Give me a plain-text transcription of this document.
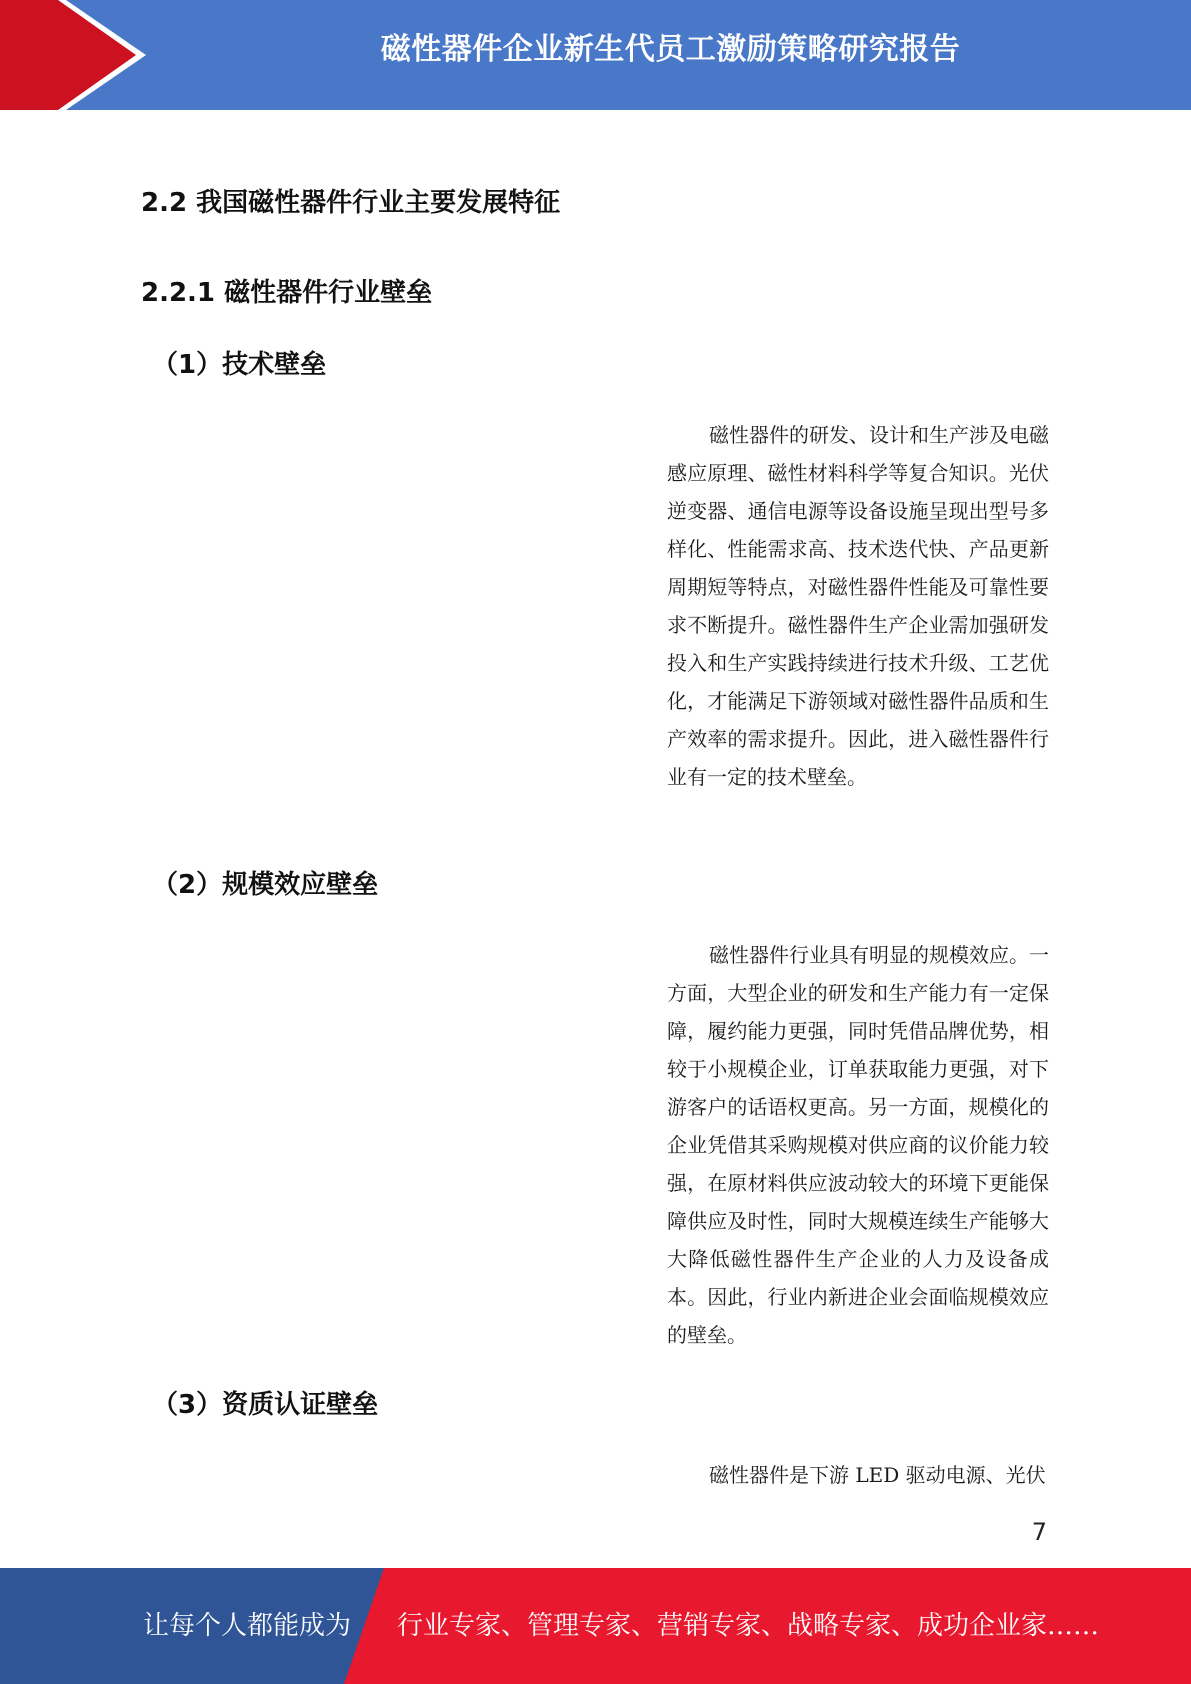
磁性器件企业新生代员工激励策略研究报告
2.2 我国磁性器件行业主要发展特征
2.2.1 磁性器件行业壁垒
（1）技术壁垒

磁性器件的研发、设计和生产涉及电磁感应原理、磁性材料科学等复合知识。光伏逆变器、通信电源等设备设施呈现出型号多样化、性能需求高、技术迭代快、产品更新周期短等特点，对磁性器件性能及可靠性要求不断提升。磁性器件生产企业需加强研发投入和生产实践持续进行技术升级、工艺优化，才能满足下游领域对磁性器件品质和生产效率的需求提升。因此，进入磁性器件行业有一定的技术壁垒。

（2）规模效应壁垒

磁性器件行业具有明显的规模效应。一方面，大型企业的研发和生产能力有一定保障，履约能力更强，同时凭借品牌优势，相较于小规模企业，订单获取能力更强，对下游客户的话语权更高。另一方面，规模化的企业凭借其采购规模对供应商的议价能力较强，在原材料供应波动较大的环境下更能保障供应及时性，同时大规模连续生产能够大大降低磁性器件生产企业的人力及设备成本。因此，行业内新进企业会面临规模效应的壁垒。

（3）资质认证壁垒

磁性器件是下游 LED 驱动电源、光伏

7
让每个人都能成为 行业专家、管理专家、营销专家、战略专家、成功企业家……
